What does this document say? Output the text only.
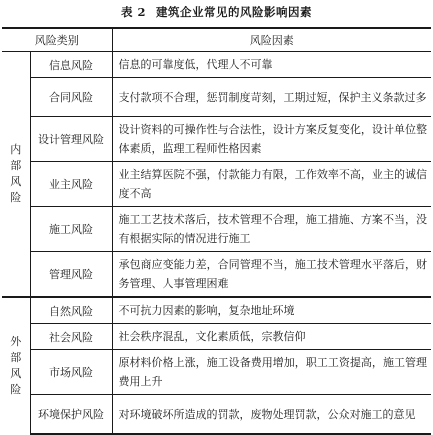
表 2 建筑企业常见的风险影响因素
风险类别		风险因素

内
部
风
险	信息风险	信息的可靠度低，代理人不可靠
	合同风险	支付款项不合理，惩罚制度苛刻，工期过短，保护主义条款过多
	设计管理风险	设计资料的可操作性与合法性，设计方案反复变化，设计单位整体素质，监理工程师性格因素
	业主风险	业主结算医院不强，付款能力有限，工作效率不高，业主的诚信度不高
	施工风险	施工工艺技术落后，技术管理不合理，施工措施、方案不当，没有根据实际的情况进行施工
	管理风险	承包商应变能力差，合同管理不当，施工技术管理水平落后，财务管理、人事管理困难

外
部
风
险	自然风险	不可抗力因素的影响，复杂地址环境
	社会风险	社会秩序混乱，文化素质低，宗教信仰
	市场风险	原材料价格上涨，施工设备费用增加，职工工资提高，施工管理费用上升
	环境保护风险	对环境破坏所造成的罚款，废物处理罚款，公众对施工的意见
